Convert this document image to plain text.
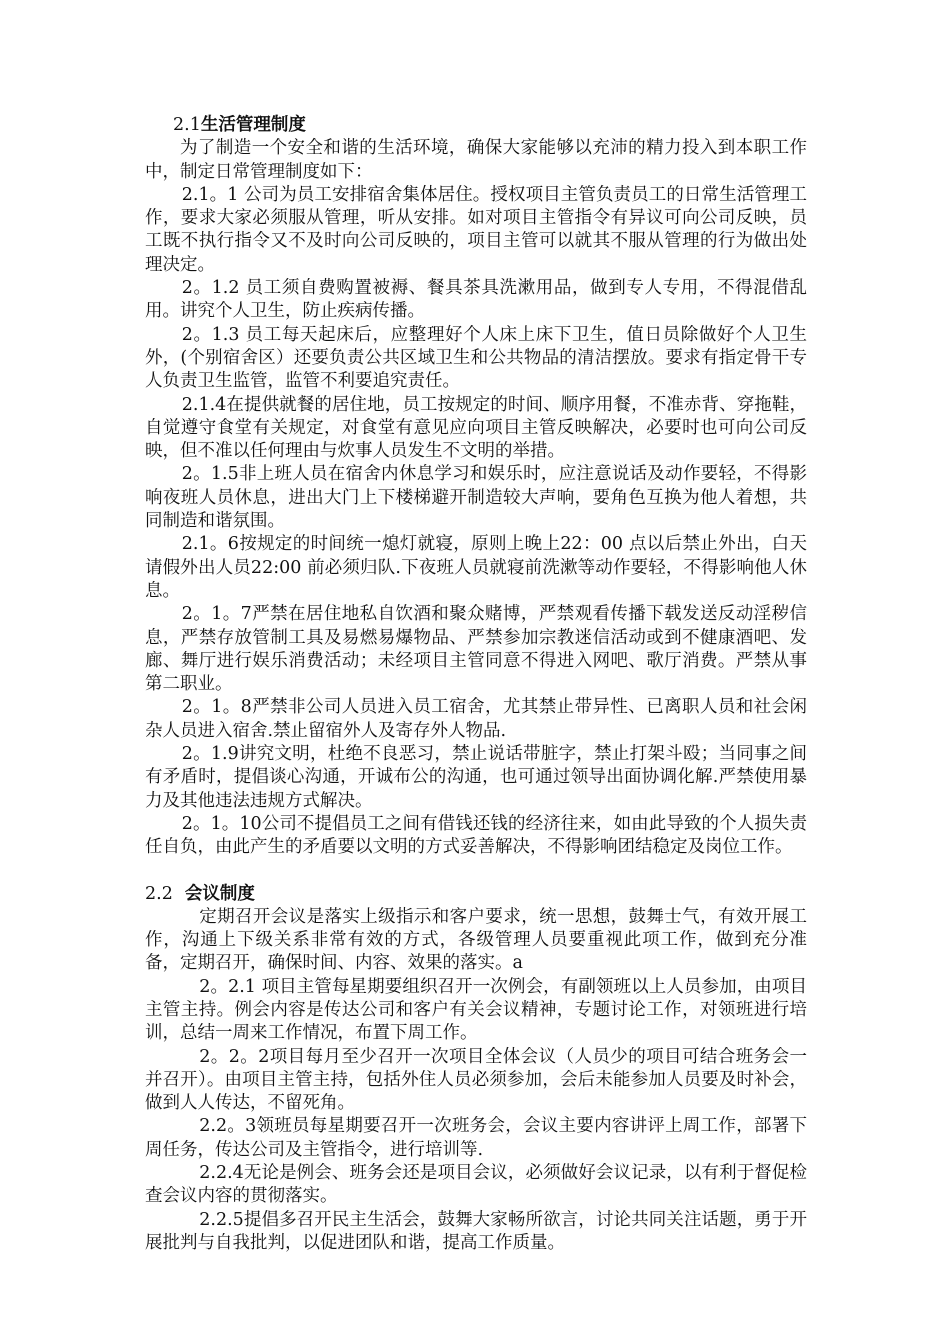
2.1生活管理制度

为了制造一个安全和谐的生活环境，确保大家能够以充沛的精力投入到本职工作中，制定日常管理制度如下：

2.1。1 公司为员工安排宿舍集体居住。授权项目主管负责员工的日常生活管理工作，要求大家必须服从管理，听从安排。如对项目主管指令有异议可向公司反映，员工既不执行指令又不及时向公司反映的，项目主管可以就其不服从管理的行为做出处理决定。

2。1.2 员工须自费购置被褥、餐具茶具洗漱用品，做到专人专用，不得混借乱用。讲究个人卫生，防止疾病传播。

2。1.3 员工每天起床后，应整理好个人床上床下卫生，值日员除做好个人卫生外，(个别宿舍区）还要负责公共区域卫生和公共物品的清洁摆放。要求有指定骨干专人负责卫生监管，监管不利要追究责任。

2.1.4在提供就餐的居住地，员工按规定的时间、顺序用餐，不准赤背、穿拖鞋，自觉遵守食堂有关规定，对食堂有意见应向项目主管反映解决，必要时也可向公司反映，但不准以任何理由与炊事人员发生不文明的举措。

2。1.5非上班人员在宿舍内休息学习和娱乐时，应注意说话及动作要轻，不得影响夜班人员休息，进出大门上下楼梯避开制造较大声响，要角色互换为他人着想，共同制造和谐氛围。

2.1。6按规定的时间统一熄灯就寝，原则上晚上22：00 点以后禁止外出，白天请假外出人员22:00 前必须归队.下夜班人员就寝前洗漱等动作要轻，不得影响他人休息。

2。1。7严禁在居住地私自饮酒和聚众赌博，严禁观看传播下载发送反动淫秽信息，严禁存放管制工具及易燃易爆物品、严禁参加宗教迷信活动或到不健康酒吧、发廊、舞厅进行娱乐消费活动；未经项目主管同意不得进入网吧、歌厅消费。严禁从事第二职业。

2。1。8严禁非公司人员进入员工宿舍，尤其禁止带异性、已离职人员和社会闲杂人员进入宿舍.禁止留宿外人及寄存外人物品.

2。1.9讲究文明，杜绝不良恶习，禁止说话带脏字，禁止打架斗殴；当同事之间有矛盾时，提倡谈心沟通，开诚布公的沟通，也可通过领导出面协调化解.严禁使用暴力及其他违法违规方式解决。

2。1。10公司不提倡员工之间有借钱还钱的经济往来，如由此导致的个人损失责任自负，由此产生的矛盾要以文明的方式妥善解决，不得影响团结稳定及岗位工作。

2.2 会议制度

定期召开会议是落实上级指示和客户要求，统一思想，鼓舞士气，有效开展工作，沟通上下级关系非常有效的方式，各级管理人员要重视此项工作，做到充分准备，定期召开，确保时间、内容、效果的落实。a

2。2.1 项目主管每星期要组织召开一次例会，有副领班以上人员参加，由项目主管主持。例会内容是传达公司和客户有关会议精神，专题讨论工作，对领班进行培训，总结一周来工作情况，布置下周工作。

2。2。2项目每月至少召开一次项目全体会议（人员少的项目可结合班务会一并召开）。由项目主管主持，包括外住人员必须参加，会后未能参加人员要及时补会，做到人人传达，不留死角。

2.2。3领班员每星期要召开一次班务会，会议主要内容讲评上周工作，部署下周任务，传达公司及主管指令，进行培训等.

2.2.4无论是例会、班务会还是项目会议，必须做好会议记录，以有利于督促检查会议内容的贯彻落实。

2.2.5提倡多召开民主生活会，鼓舞大家畅所欲言，讨论共同关注话题，勇于开展批判与自我批判，以促进团队和谐，提高工作质量。
